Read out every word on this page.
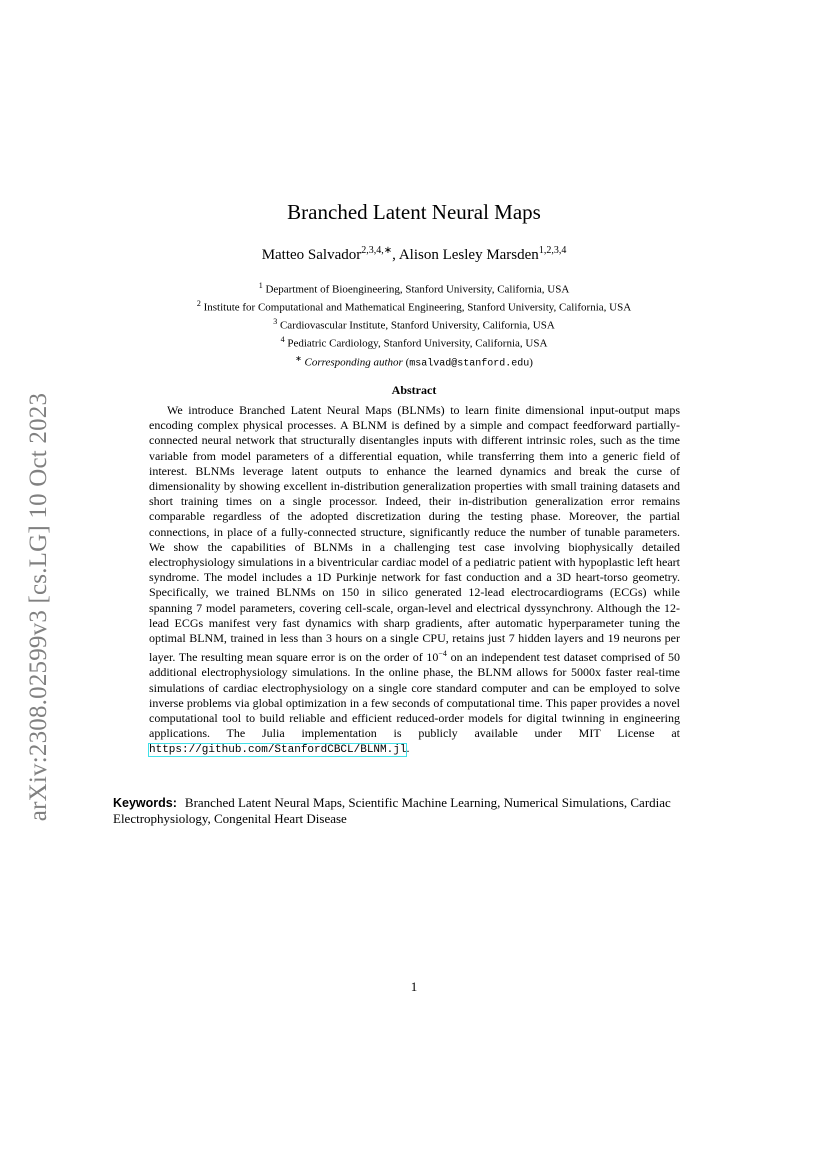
arXiv:2308.02599v3 [cs.LG] 10 Oct 2023
Branched Latent Neural Maps
Matteo Salvador$^{2,3,4,∗}$, Alison Lesley Marsden$^{1,2,3,4}$
$^1$ Department of Bioengineering, Stanford University, California, USA
$^2$ Institute for Computational and Mathematical Engineering, Stanford University, California, USA
$^3$ Cardiovascular Institute, Stanford University, California, USA
$^4$ Pediatric Cardiology, Stanford University, California, USA
∗ Corresponding author (msalvad@stanford.edu)
Abstract

We introduce Branched Latent Neural Maps (BLNMs) to learn finite dimensional input-output maps encoding complex physical processes. A BLNM is defined by a simple and compact feedforward partially-connected neural network that structurally disentangles inputs with different intrinsic roles, such as the time variable from model parameters of a differential equation, while transferring them into a generic field of interest. BLNMs leverage latent outputs to enhance the learned dynamics and break the curse of dimensionality by showing excellent in-distribution generalization properties with small training datasets and short training times on a single processor. Indeed, their in-distribution generalization error remains comparable regardless of the adopted discretization during the testing phase. Moreover, the partial connections, in place of a fully-connected structure, significantly reduce the number of tunable parameters. We show the capabilities of BLNMs in a challenging test case involving biophysically detailed electrophysiology simulations in a biventricular cardiac model of a pediatric patient with hypoplastic left heart syndrome. The model includes a 1D Purkinje network for fast conduction and a 3D heart-torso geometry. Specifically, we trained BLNMs on 150 in silico generated 12-lead electrocardiograms (ECGs) while spanning 7 model parameters, covering cell-scale, organ-level and electrical dyssynchrony. Although the 12-lead ECGs manifest very fast dynamics with sharp gradients, after automatic hyperparameter tuning the optimal BLNM, trained in less than 3 hours on a single CPU, retains just 7 hidden layers and 19 neurons per layer. The resulting mean square error is on the order of $10^{-4}$ on an independent test dataset comprised of 50 additional electrophysiology simulations. In the online phase, the BLNM allows for 5000x faster real-time simulations of cardiac electrophysiology on a single core standard computer and can be employed to solve inverse problems via global optimization in a few seconds of computational time. This paper provides a novel computational tool to build reliable and efficient reduced-order models for digital twinning in engineering applications. The Julia implementation is publicly available under MIT License at https://github.com/StanfordCBCL/BLNM.jl.

Keywords: Branched Latent Neural Maps, Scientific Machine Learning, Numerical Simulations, Cardiac Electrophysiology, Congenital Heart Disease

1
